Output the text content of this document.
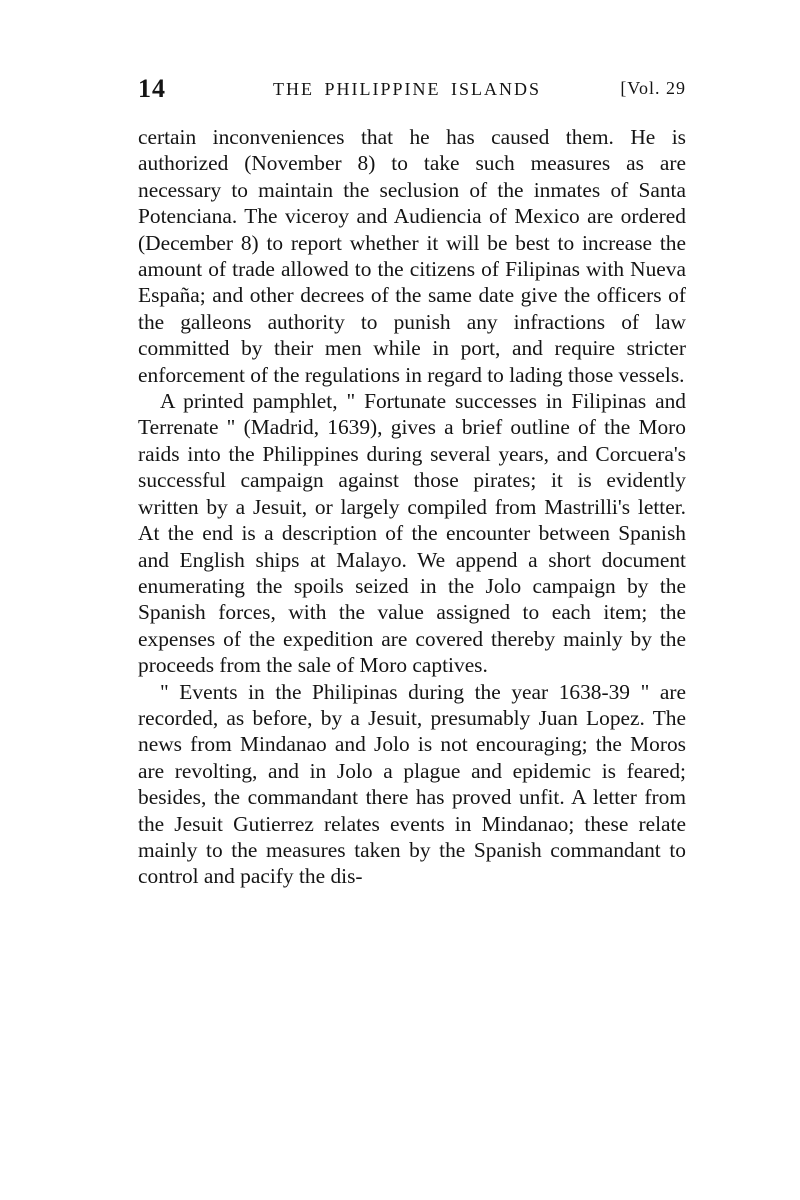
14	THE PHILIPPINE ISLANDS	[Vol. 29

certain inconveniences that he has caused them. He is authorized (November 8) to take such measures as are necessary to maintain the seclusion of the inmates of Santa Potenciana. The viceroy and Audiencia of Mexico are ordered (December 8) to report whether it will be best to increase the amount of trade allowed to the citizens of Filipinas with Nueva España; and other decrees of the same date give the officers of the galleons authority to punish any infractions of law committed by their men while in port, and require stricter enforcement of the regulations in regard to lading those vessels.

A printed pamphlet, " Fortunate successes in Filipinas and Terrenate " (Madrid, 1639), gives a brief outline of the Moro raids into the Philippines during several years, and Corcuera's successful campaign against those pirates; it is evidently written by a Jesuit, or largely compiled from Mastrilli's letter. At the end is a description of the encounter between Spanish and English ships at Malayo. We append a short document enumerating the spoils seized in the Jolo campaign by the Spanish forces, with the value assigned to each item; the expenses of the expedition are covered thereby mainly by the proceeds from the sale of Moro captives.

" Events in the Philipinas during the year 1638-39 " are recorded, as before, by a Jesuit, presumably Juan Lopez. The news from Mindanao and Jolo is not encouraging; the Moros are revolting, and in Jolo a plague and epidemic is feared; besides, the commandant there has proved unfit. A letter from the Jesuit Gutierrez relates events in Mindanao; these relate mainly to the measures taken by the Spanish commandant to control and pacify the dis-
